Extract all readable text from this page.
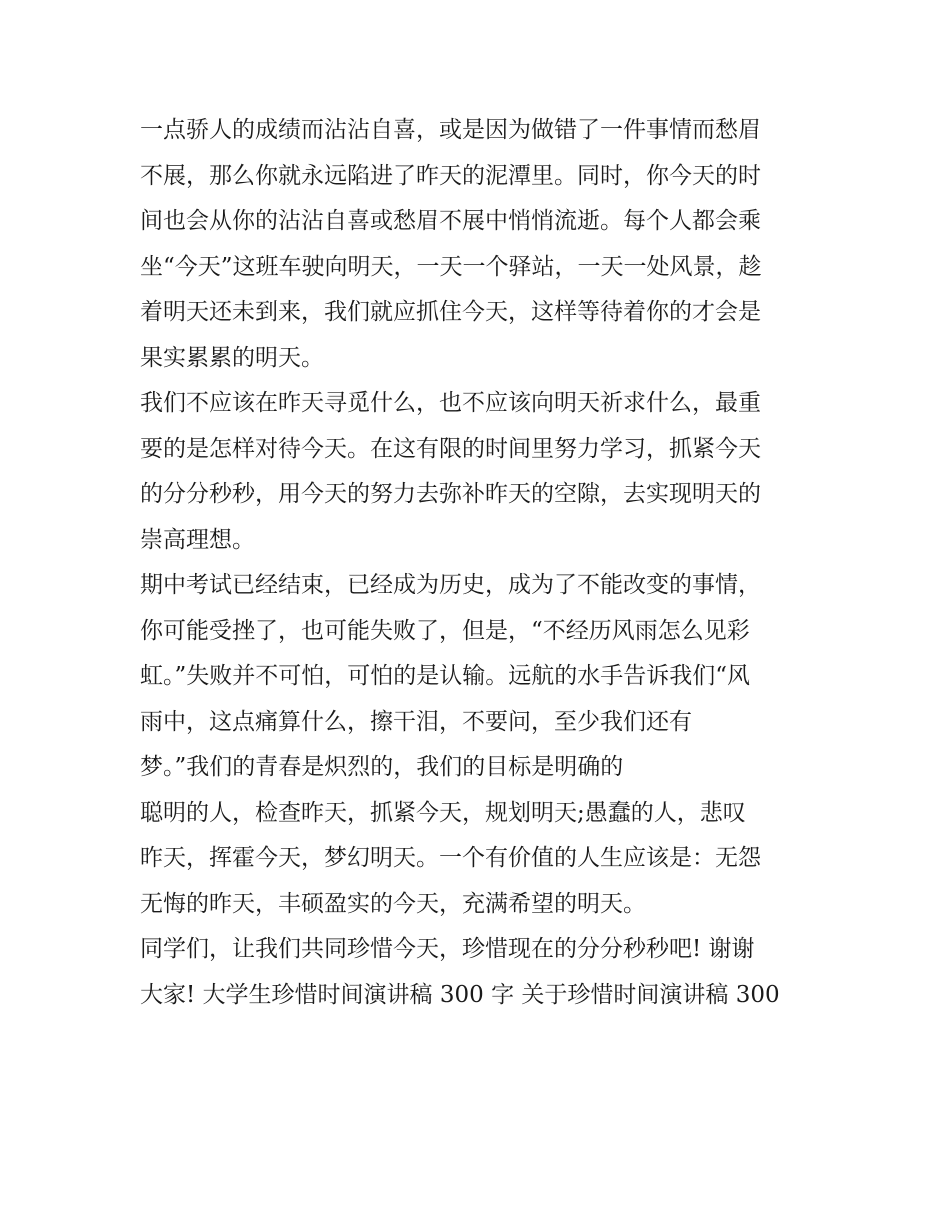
一点骄人的成绩而沾沾自喜，或是因为做错了一件事情而愁眉
不展，那么你就永远陷进了昨天的泥潭里。同时，你今天的时
间也会从你的沾沾自喜或愁眉不展中悄悄流逝。每个人都会乘
坐“今天”这班车驶向明天，一天一个驿站，一天一处风景，趁
着明天还未到来，我们就应抓住今天，这样等待着你的才会是
果实累累的明天。
我们不应该在昨天寻觅什么，也不应该向明天祈求什么，最重
要的是怎样对待今天。在这有限的时间里努力学习，抓紧今天
的分分秒秒，用今天的努力去弥补昨天的空隙，去实现明天的
崇高理想。
期中考试已经结束，已经成为历史，成为了不能改变的事情，
你可能受挫了，也可能失败了，但是，“不经历风雨怎么见彩
虹。”失败并不可怕，可怕的是认输。远航的水手告诉我们“风
雨中，这点痛算什么，擦干泪，不要问，至少我们还有
梦。”我们的青春是炽烈的，我们的目标是明确的
聪明的人，检查昨天，抓紧今天，规划明天;愚蠢的人，悲叹
昨天，挥霍今天，梦幻明天。一个有价值的人生应该是：无怨
无悔的昨天，丰硕盈实的今天，充满希望的明天。
同学们，让我们共同珍惜今天，珍惜现在的分分秒秒吧! 谢谢
大家! 大学生珍惜时间演讲稿 300 字 关于珍惜时间演讲稿 300
